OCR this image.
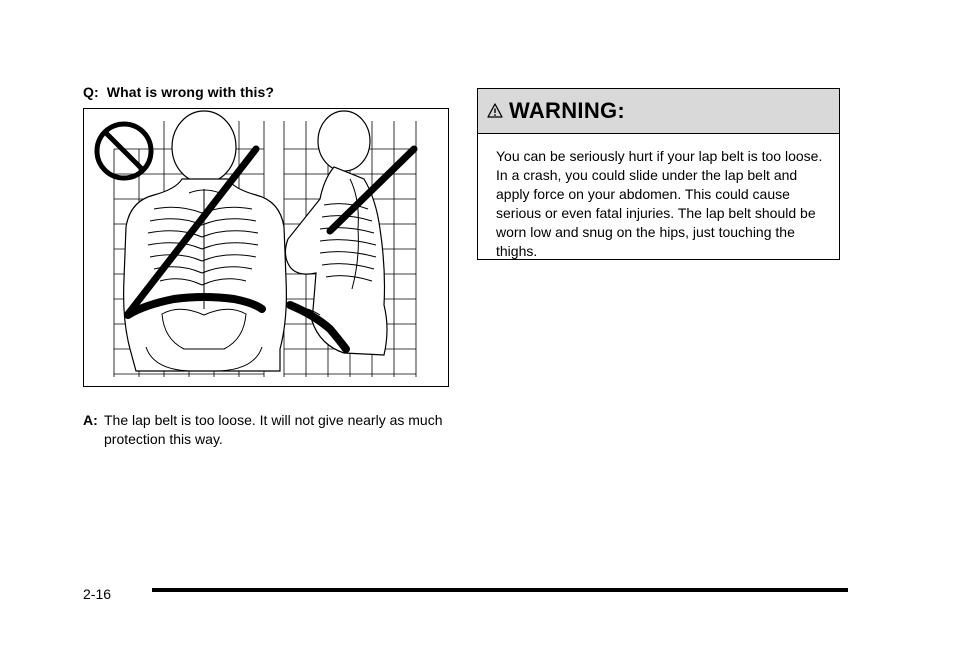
Q: What is wrong with this?
A: The lap belt is too loose. It will not give nearly as much protection this way.
WARNING:
You can be seriously hurt if your lap belt is too loose. In a crash, you could slide under the lap belt and apply force on your abdomen. This could cause serious or even fatal injuries. The lap belt should be worn low and snug on the hips, just touching the thighs.
2-16
